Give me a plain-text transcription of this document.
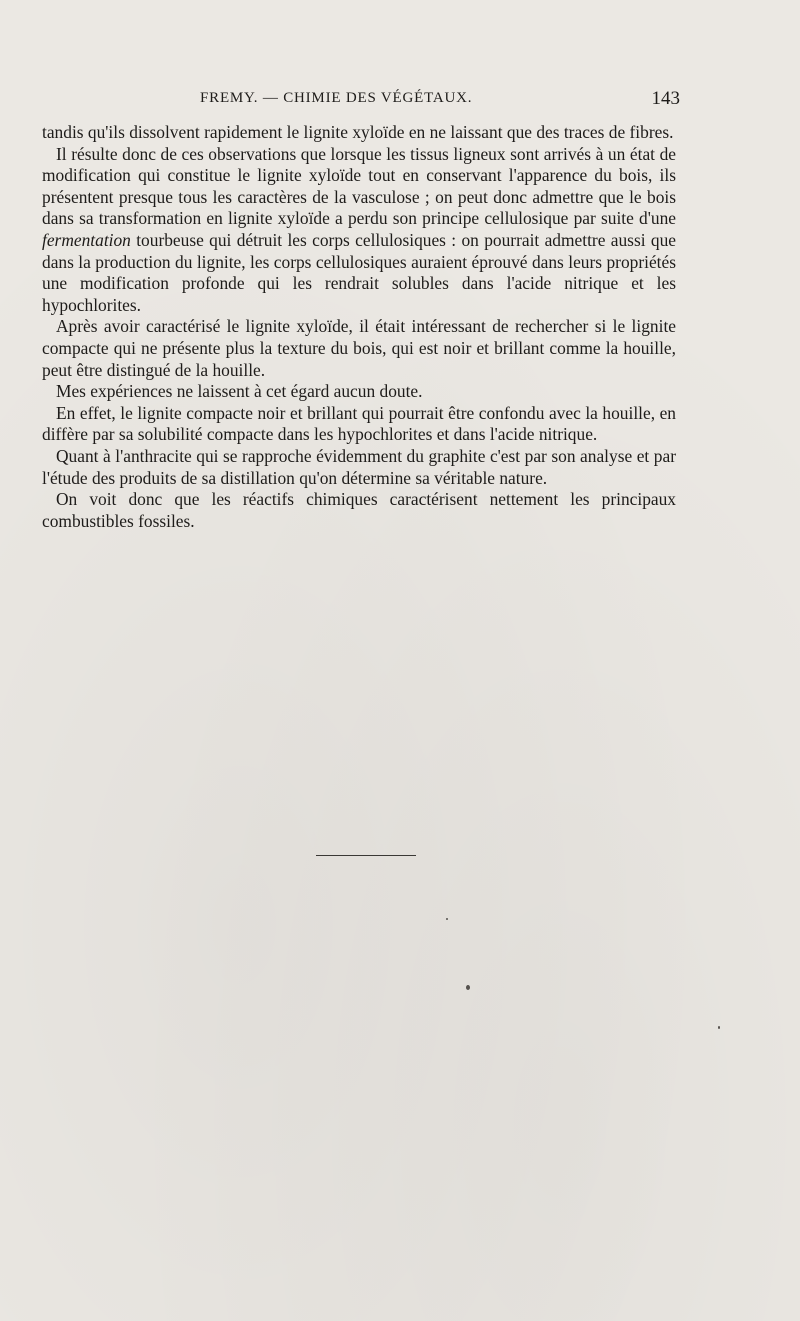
FREMY. — CHIMIE DES VÉGÉTAUX.	143

tandis qu'ils dissolvent rapidement le lignite xyloïde en ne laissant que des traces de fibres.

Il résulte donc de ces observations que lorsque les tissus ligneux sont arrivés à un état de modification qui constitue le lignite xyloïde tout en conservant l'apparence du bois, ils présentent presque tous les caractères de la vasculose ; on peut donc admettre que le bois dans sa transformation en lignite xyloïde a perdu son principe cellulosique par suite d'une fermentation tourbeuse qui détruit les corps cellulosiques : on pourrait admettre aussi que dans la production du lignite, les corps cellulosiques auraient éprouvé dans leurs propriétés une modification profonde qui les rendrait solubles dans l'acide nitrique et les hypochlorites.

Après avoir caractérisé le lignite xyloïde, il était intéressant de rechercher si le lignite compacte qui ne présente plus la texture du bois, qui est noir et brillant comme la houille, peut être distingué de la houille.

Mes expériences ne laissent à cet égard aucun doute.

En effet, le lignite compacte noir et brillant qui pourrait être confondu avec la houille, en diffère par sa solubilité compacte dans les hypochlorites et dans l'acide nitrique.

Quant à l'anthracite qui se rapproche évidemment du graphite c'est par son analyse et par l'étude des produits de sa distillation qu'on détermine sa véritable nature.

On voit donc que les réactifs chimiques caractérisent nettement les principaux combustibles fossiles.
